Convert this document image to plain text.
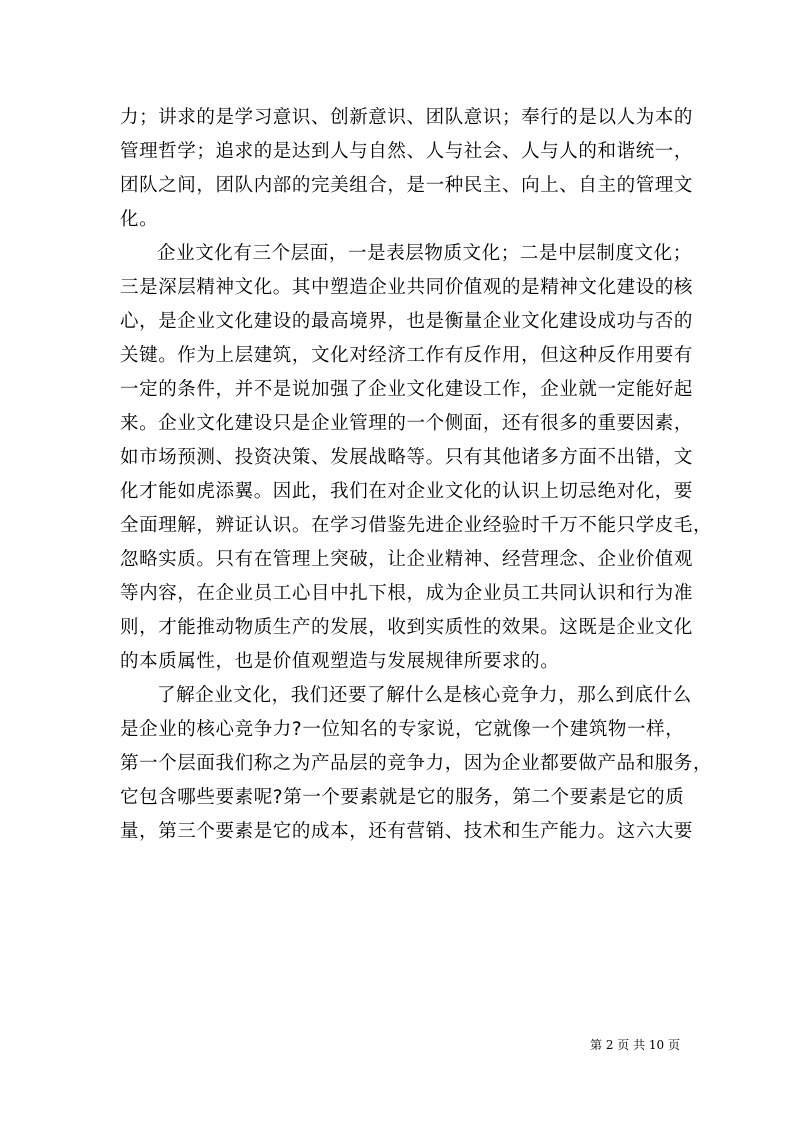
力；讲求的是学习意识、创新意识、团队意识；奉行的是以人为本的
管理哲学；追求的是达到人与自然、人与社会、人与人的和谐统一，
团队之间，团队内部的完美组合，是一种民主、向上、自主的管理文
化。
企业文化有三个层面，一是表层物质文化；二是中层制度文化；
三是深层精神文化。其中塑造企业共同价值观的是精神文化建设的核
心，是企业文化建设的最高境界，也是衡量企业文化建设成功与否的
关键。作为上层建筑，文化对经济工作有反作用，但这种反作用要有
一定的条件，并不是说加强了企业文化建设工作，企业就一定能好起
来。企业文化建设只是企业管理的一个侧面，还有很多的重要因素，
如市场预测、投资决策、发展战略等。只有其他诸多方面不出错，文
化才能如虎添翼。因此，我们在对企业文化的认识上切忌绝对化，要
全面理解，辨证认识。在学习借鉴先进企业经验时千万不能只学皮毛，
忽略实质。只有在管理上突破，让企业精神、经营理念、企业价值观
等内容，在企业员工心目中扎下根，成为企业员工共同认识和行为准
则，才能推动物质生产的发展，收到实质性的效果。这既是企业文化
的本质属性，也是价值观塑造与发展规律所要求的。
了解企业文化，我们还要了解什么是核心竞争力，那么到底什么
是企业的核心竞争力?一位知名的专家说，它就像一个建筑物一样，
第一个层面我们称之为产品层的竞争力，因为企业都要做产品和服务，
它包含哪些要素呢?第一个要素就是它的服务，第二个要素是它的质
量，第三个要素是它的成本，还有营销、技术和生产能力。这六大要
第 2 页 共 10 页
